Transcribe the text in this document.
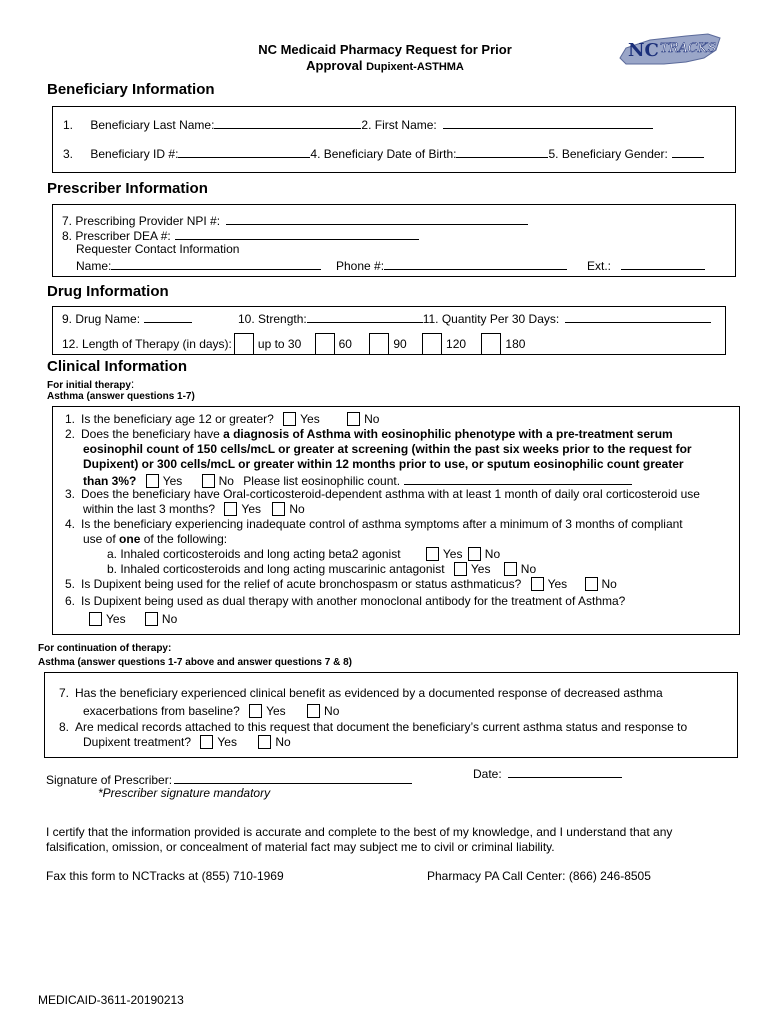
NC Medicaid Pharmacy Request for Prior
Approval Dupixent-ASTHMA
NC TRACKS
Beneficiary Information
1. Beneficiary Last Name:	2. First Name:
3. Beneficiary ID #:	4. Beneficiary Date of Birth:	5. Beneficiary Gender:
Prescriber Information
7. Prescribing Provider NPI #:
8. Prescriber DEA #:
Requester Contact Information
Name:	Phone #:	Ext.:
Drug Information
9. Drug Name:	10. Strength:	11. Quantity Per 30 Days:
12. Length of Therapy (in days): up to 30	60	90	120	180
Clinical Information
For initial therapy:
Asthma (answer questions 1-7)
1. Is the beneficiary age 12 or greater? Yes	No
2. Does the beneficiary have a diagnosis of Asthma with eosinophilic phenotype with a pre-treatment serum
eosinophil count of 150 cells/mcL or greater at screening (within the past six weeks prior to the request for
Dupixent) or 300 cells/mcL or greater within 12 months prior to use, or sputum eosinophilic count greater
than 3%? Yes	No Please list eosinophilic count.
3. Does the beneficiary have Oral-corticosteroid-dependent asthma with at least 1 month of daily oral corticosteroid use
within the last 3 months? Yes No
4. Is the beneficiary experiencing inadequate control of asthma symptoms after a minimum of 3 months of compliant
use of one of the following:
a. Inhaled corticosteroids and long acting beta2 agonist	Yes No
b. Inhaled corticosteroids and long acting muscarinic antagonist Yes	No
5. Is Dupixent being used for the relief of acute bronchospasm or status asthmaticus? Yes	No
6. Is Dupixent being used as dual therapy with another monoclonal antibody for the treatment of Asthma?
Yes	No
For continuation of therapy:
Asthma (answer questions 1-7 above and answer questions 7 & 8)
7. Has the beneficiary experienced clinical benefit as evidenced by a documented response of decreased asthma
exacerbations from baseline? Yes	No
8. Are medical records attached to this request that document the beneficiary’s current asthma status and response to
Dupixent treatment? Yes	No
Signature of Prescriber:
*Prescriber signature mandatory
Date:
I certify that the information provided is accurate and complete to the best of my knowledge, and I understand that any
falsification, omission, or concealment of material fact may subject me to civil or criminal liability.
Fax this form to NCTracks at (855) 710-1969	Pharmacy PA Call Center: (866) 246-8505
MEDICAID-3611-20190213
